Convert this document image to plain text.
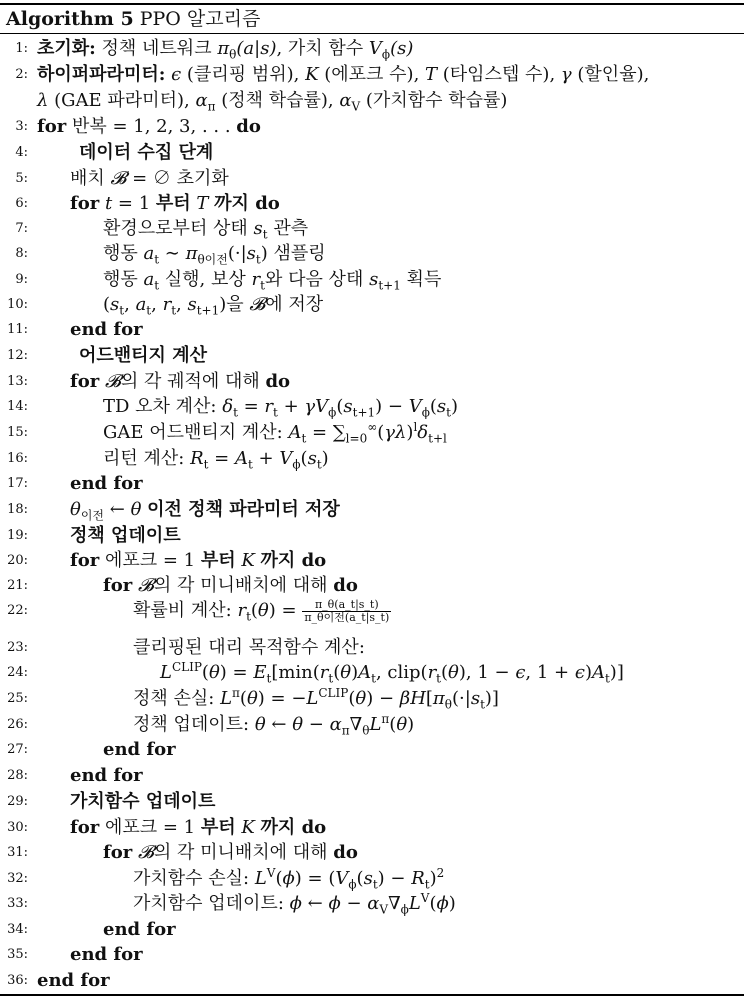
Algorithm 5 PPO 알고리즘
1: 초기화: 정책 네트워크 $\pi_\theta(a|s)$, 가치 함수 $V_\phi(s)$
2: 하이퍼파라미터: ϵ (클리핑 범위), K (에포크 수), T (타임스텝 수), γ (할인율),
λ (GAE 파라미터), $\alpha_\pi$ (정책 학습률), $\alpha_V$ (가치함수 학습률)
3: for 반복 = 1, 2, 3, . . . do
4:	데이터 수집 단계
5: 배치 𝓑 = ∅ 초기화
6: for t = 1 부터 T 까지 do
7:	환경으로부터 상태 $s_t$ 관측
8:	행동 $a_t$ ∼ $\pi_{\theta 이전}(\cdot|s_t)$ 샘플링
9:	행동 $a_t$ 실행, 보상 $r_t$와 다음 상태 $s_{t+1}$ 획득
10:	($s_t$, $a_t$, $r_t$, $s_{t+1}$)을 𝓑에 저장
11: end for
12:	어드밴티지 계산
13: for 𝓑의 각 궤적에 대해 do
14:	TD 오차 계산: $\delta_t = r_t + \gamma V_\phi(s_{t+1}) - V_\phi(s_t)$
15:	GAE 어드밴티지 계산: $A_t = \sum_{l=0}^\infty(\gamma\lambda)^l\delta_{t+l}$
16:	리턴 계산: $R_t = A_t + V_\phi(s_t)$
17: end for
18: $\theta_{이전}$ ← θ 이전 정책 파라미터 저장
19: 정책 업데이트
20: for 에포크 = 1 부터 K 까지 do
21:	for 𝓑의 각 미니배치에 대해 do
22:	확률비 계산: $r_t(\theta) = \frac{\pi\_\theta(a\_t|s\_t)}{\text{π\_θ이전(a\_t|s\_t)}}$
23:	클리핑된 대리 목적함수 계산:
24:	$L^{CLIP}(\theta) = E_t[\min(r_t(\theta)A_t$, $clip(r_t(\theta)$, 1 − ϵ, $1 + \epsilon)A_t$)]
25:	정책 손실: $L^\pi(\theta) = -L^{CLIP}(\theta) - \beta H[\pi_\theta(\cdot|s_t)]$
26:	정책 업데이트: θ ← $\theta - \alpha_\pi\nabla_\theta L^\pi(\theta)$
27:	end for
28: end for
29: 가치함수 업데이트
30: for 에포크 = 1 부터 K 까지 do
31:	for 𝓑의 각 미니배치에 대해 do
32:	가치함수 손실: $L^V(\phi) = (V_\phi(s_t) - R_t)^2$
33:	가치함수 업데이트: ϕ ← $\phi - \alpha_V\nabla_\phi L^V(\phi)$
34:	end for
35: end for
36: end for
